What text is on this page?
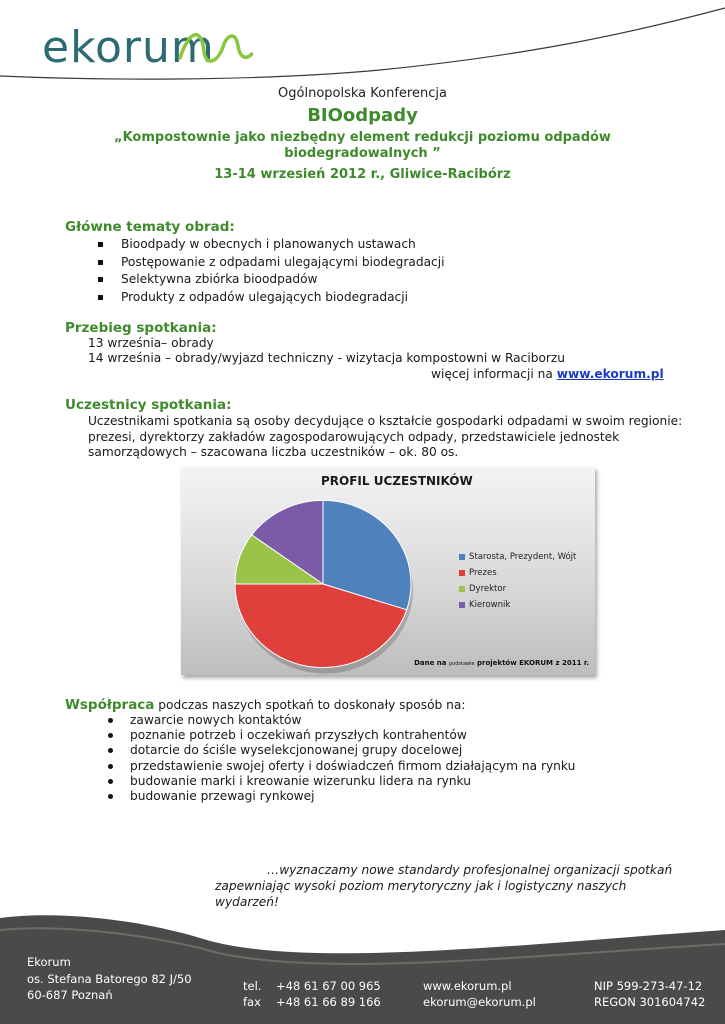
ekorum
Ogólnopolska Konferencja
BIOodpady
„Kompostownie jako niezbędny element redukcji poziomu odpadów
biodegradowalnych ”
13-14 wrzesień 2012 r., Gliwice-Racibórz
Główne tematy obrad:
Bioodpady w obecnych i planowanych ustawach
Postępowanie z odpadami ulegającymi biodegradacji
Selektywna zbiórka bioodpadów
Produkty z odpadów ulegających biodegradacji
Przebieg spotkania:
13 września– obrady
14 września – obrady/wyjazd techniczny - wizytacja kompostowni w Raciborzu
więcej informacji na www.ekorum.pl
Uczestnicy spotkania:
Uczestnikami spotkania są osoby decydujące o kształcie gospodarki odpadami w swoim regionie:
prezesi, dyrektorzy zakładów zagospodarowujących odpady, przedstawiciele jednostek
samorządowych – szacowana liczba uczestników – ok. 80 os.
PROFIL UCZESTNIKÓW
Starosta, Prezydent, Wójt
Prezes
Dyrektor
Kierownik
Dane na podstawie projektów EKORUM z 2011 r.
Współpraca podczas naszych spotkań to doskonały sposób na:
zawarcie nowych kontaktów
poznanie potrzeb i oczekiwań przyszłych kontrahentów
dotarcie do ściśle wyselekcjonowanej grupy docelowej
przedstawienie swojej oferty i doświadczeń firmom działającym na rynku
budowanie marki i kreowanie wizerunku lidera na rynku
budowanie przewagi rynkowej
…wyznaczamy nowe standardy profesjonalnej organizacji spotkań
zapewniając wysoki poziom merytoryczny jak i logistyczny naszych
wydarzeń!
Ekorum
os. Stefana Batorego 82 J/50
60-687 Poznań
tel. +48 61 67 00 965
fax +48 61 66 89 166
www.ekorum.pl
ekorum@ekorum.pl
NIP 599-273-47-12
REGON 301604742
